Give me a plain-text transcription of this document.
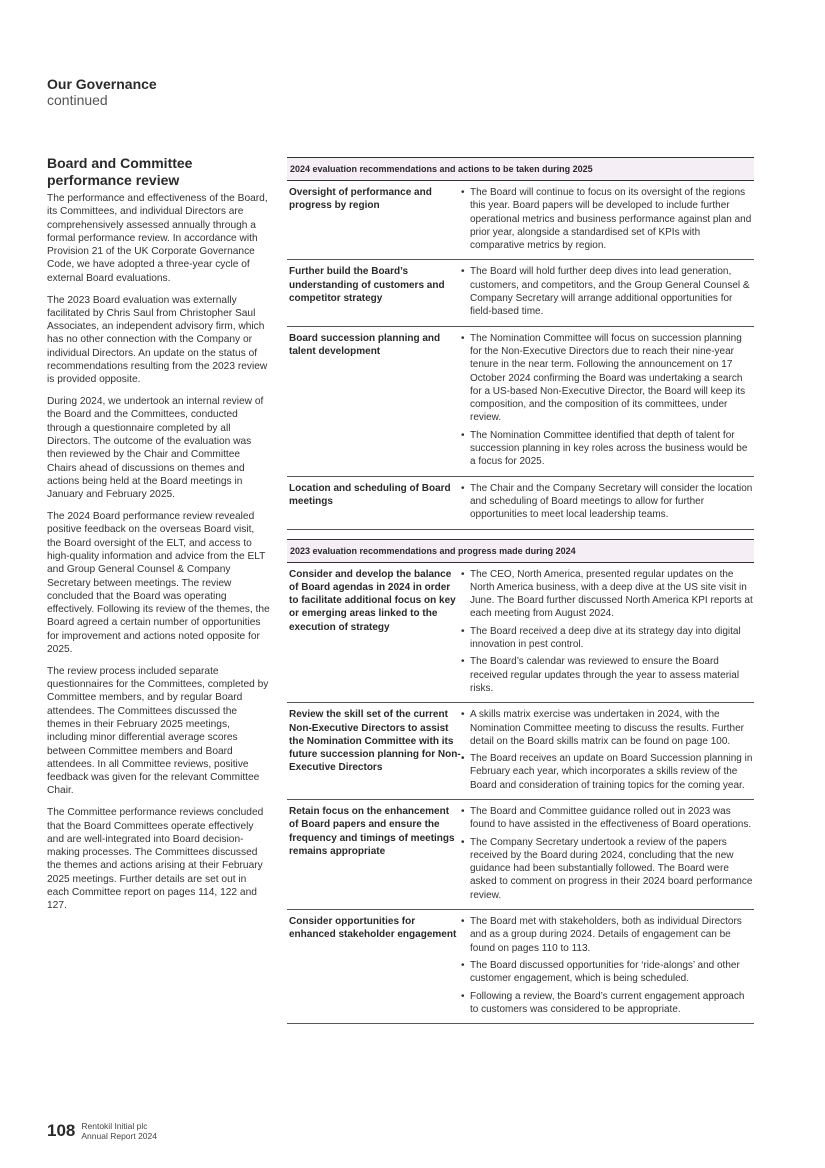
Our Governance
continued
Board and Committee performance review

The performance and effectiveness of the Board, its Committees, and individual Directors are comprehensively assessed annually through a formal performance review. In accordance with Provision 21 of the UK Corporate Governance Code, we have adopted a three-year cycle of external Board evaluations.

The 2023 Board evaluation was externally facilitated by Chris Saul from Christopher Saul Associates, an independent advisory firm, which has no other connection with the Company or individual Directors. An update on the status of recommendations resulting from the 2023 review is provided opposite.

During 2024, we undertook an internal review of the Board and the Committees, conducted through a questionnaire completed by all Directors. The outcome of the evaluation was then reviewed by the Chair and Committee Chairs ahead of discussions on themes and actions being held at the Board meetings in January and February 2025.

The 2024 Board performance review revealed positive feedback on the overseas Board visit, the Board oversight of the ELT, and access to high-quality information and advice from the ELT and Group General Counsel & Company Secretary between meetings. The review concluded that the Board was operating effectively. Following its review of the themes, the Board agreed a certain number of opportunities for improvement and actions noted opposite for 2025.

The review process included separate questionnaires for the Committees, completed by Committee members, and by regular Board attendees. The Committees discussed the themes in their February 2025 meetings, including minor differential average scores between Committee members and Board attendees. In all Committee reviews, positive feedback was given for the relevant Committee Chair.

The Committee performance reviews concluded that the Board Committees operate effectively and are well-integrated into Board decision-making processes. The Committees discussed the themes and actions arising at their February 2025 meetings. Further details are set out in each Committee report on pages 114, 122 and 127.

2024 evaluation recommendations and actions to be taken during 2025
Oversight of performance and progress by region
• The Board will continue to focus on its oversight of the regions this year. Board papers will be developed to include further operational metrics and business performance against plan and prior year, alongside a standardised set of KPIs with comparative metrics by region.
Further build the Board’s understanding of customers and competitor strategy
• The Board will hold further deep dives into lead generation, customers, and competitors, and the Group General Counsel & Company Secretary will arrange additional opportunities for field-based time.
Board succession planning and talent development
• The Nomination Committee will focus on succession planning for the Non-Executive Directors due to reach their nine-year tenure in the near term. Following the announcement on 17 October 2024 confirming the Board was undertaking a search for a US-based Non-Executive Director, the Board will keep its composition, and the composition of its committees, under review.
• The Nomination Committee identified that depth of talent for succession planning in key roles across the business would be a focus for 2025.
Location and scheduling of Board meetings
• The Chair and the Company Secretary will consider the location and scheduling of Board meetings to allow for further opportunities to meet local leadership teams.
2023 evaluation recommendations and progress made during 2024
Consider and develop the balance of Board agendas in 2024 in order to facilitate additional focus on key or emerging areas linked to the execution of strategy
• The CEO, North America, presented regular updates on the North America business, with a deep dive at the US site visit in June. The Board further discussed North America KPI reports at each meeting from August 2024.
• The Board received a deep dive at its strategy day into digital innovation in pest control.
• The Board’s calendar was reviewed to ensure the Board received regular updates through the year to assess material risks.
Review the skill set of the current Non-Executive Directors to assist the Nomination Committee with its future succession planning for Non-Executive Directors
• A skills matrix exercise was undertaken in 2024, with the Nomination Committee meeting to discuss the results. Further detail on the Board skills matrix can be found on page 100.
• The Board receives an update on Board Succession planning in February each year, which incorporates a skills review of the Board and consideration of training topics for the coming year.
Retain focus on the enhancement of Board papers and ensure the frequency and timings of meetings remains appropriate
• The Board and Committee guidance rolled out in 2023 was found to have assisted in the effectiveness of Board operations.
• The Company Secretary undertook a review of the papers received by the Board during 2024, concluding that the new guidance had been substantially followed. The Board were asked to comment on progress in their 2024 board performance review.
Consider opportunities for enhanced stakeholder engagement
• The Board met with stakeholders, both as individual Directors and as a group during 2024. Details of engagement can be found on pages 110 to 113.
• The Board discussed opportunities for ‘ride-alongs’ and other customer engagement, which is being scheduled.
• Following a review, the Board’s current engagement approach to customers was considered to be appropriate.
108 Rentokil Initial plc
Annual Report 2024
